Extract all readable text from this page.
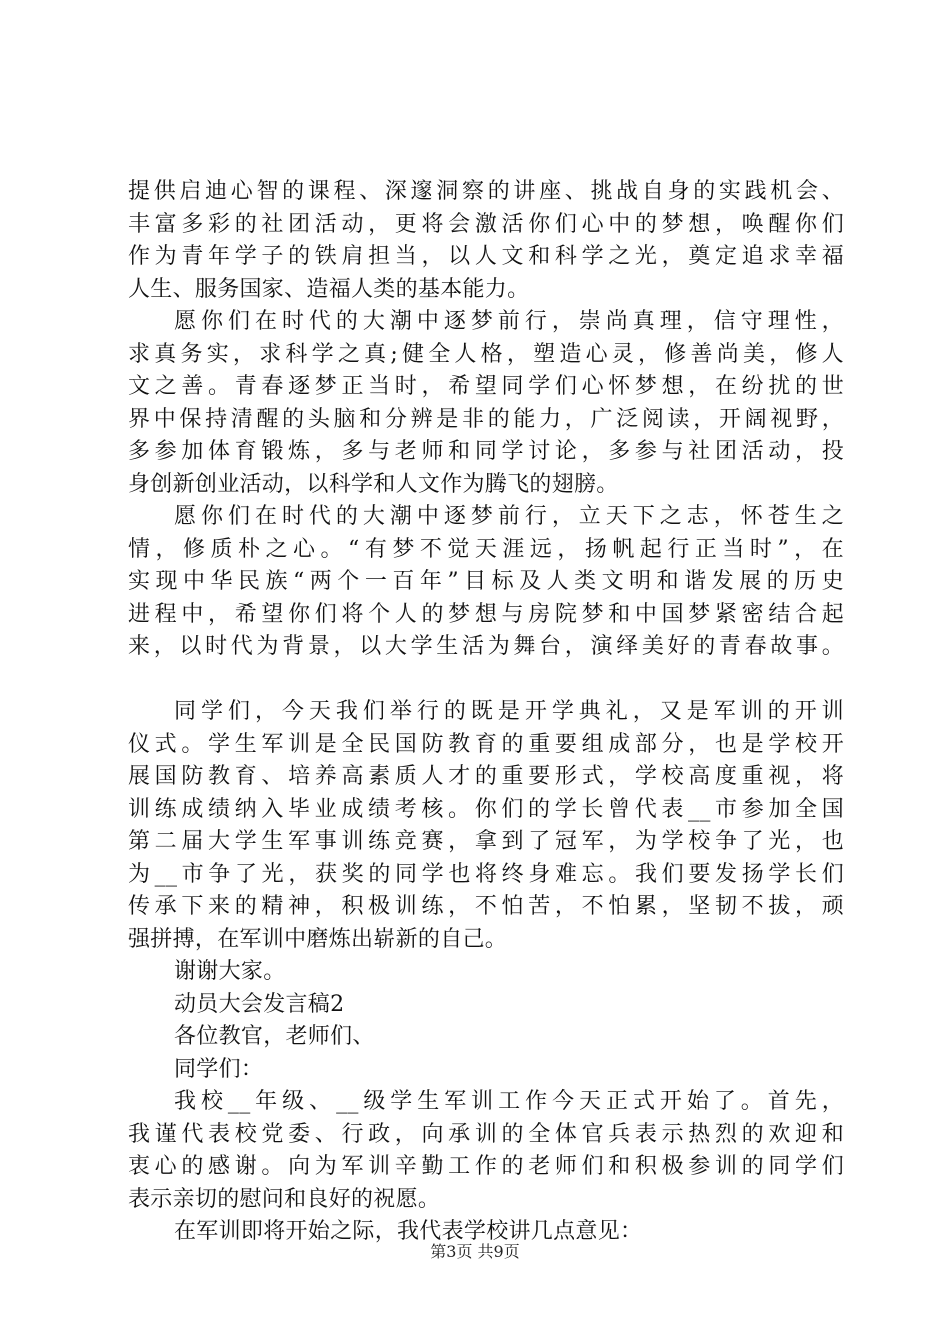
提供启迪心智的课程、深邃洞察的讲座、挑战自身的实践机会、
丰富多彩的社团活动，更将会激活你们心中的梦想，唤醒你们
作为青年学子的铁肩担当，以人文和科学之光，奠定追求幸福
人生、服务国家、造福人类的基本能力。
愿你们在时代的大潮中逐梦前行，崇尚真理，信守理性，
求真务实，求科学之真;健全人格，塑造心灵，修善尚美，修人
文之善。青春逐梦正当时，希望同学们心怀梦想，在纷扰的世
界中保持清醒的头脑和分辨是非的能力，广泛阅读，开阔视野，
多参加体育锻炼，多与老师和同学讨论，多参与社团活动，投
身创新创业活动，以科学和人文作为腾飞的翅膀。
愿你们在时代的大潮中逐梦前行，立天下之志，怀苍生之
情，修质朴之心。“有梦不觉天涯远，扬帆起行正当时”，在
实现中华民族“两个一百年”目标及人类文明和谐发展的历史
进程中，希望你们将个人的梦想与房院梦和中国梦紧密结合起
来，以时代为背景，以大学生活为舞台，演绎美好的青春故事。
同学们，今天我们举行的既是开学典礼，又是军训的开训
仪式。学生军训是全民国防教育的重要组成部分，也是学校开
展国防教育、培养高素质人才的重要形式，学校高度重视，将
训练成绩纳入毕业成绩考核。你们的学长曾代表__市参加全国
第二届大学生军事训练竞赛，拿到了冠军，为学校争了光，也
为__市争了光，获奖的同学也将终身难忘。我们要发扬学长们
传承下来的精神，积极训练，不怕苦，不怕累，坚韧不拔，顽
强拼搏，在军训中磨炼出崭新的自己。
谢谢大家。
动员大会发言稿2
各位教官，老师们、
同学们：
我校__年级、__级学生军训工作今天正式开始了。首先，
我谨代表校党委、行政，向承训的全体官兵表示热烈的欢迎和
衷心的感谢。向为军训辛勤工作的老师们和积极参训的同学们
表示亲切的慰问和良好的祝愿。
在军训即将开始之际，我代表学校讲几点意见：
第3页 共9页
